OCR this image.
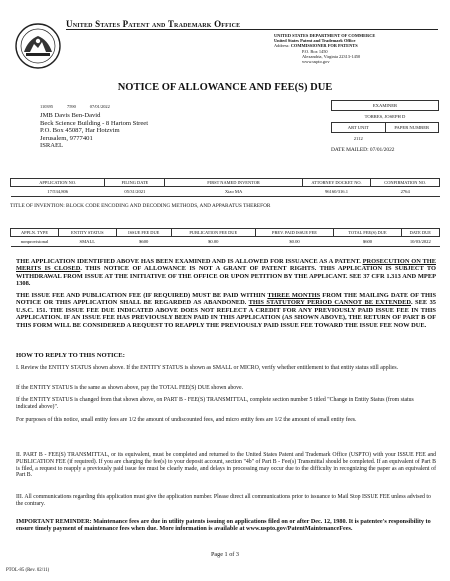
United States Patent and Trademark Office
UNITED STATES DEPARTMENT OF COMMERCE
United States Patent and Trademark Office
Address: COMMISSIONER FOR PATENTS
P.O. Box 1450
Alexandria, Virginia 22313-1450
www.uspto.gov
NOTICE OF ALLOWANCE AND FEE(S) DUE
110395	7590	07/01/2022
JMB Davis Ben-David
Beck Science Building - 8 Hartom Street
P.O. Box 45087, Har Hotzvim
Jerusalem, 9777401
ISRAEL
EXAMINER	
TORRES, JOSEPH D	
ART UNIT	PAPER NUMBER
2112	
DATE MAILED: 07/01/2022
APPLICATION NO.	FILING DATE	FIRST NAMED INVENTOR	ATTORNEY DOCKET NO.	CONFIRMATION NO.
17/534,806	05/31/2021	Xiao MA	96160/316.1	2764
TITLE OF INVENTION: BLOCK CODE ENCODING AND DECODING METHODS, AND APPARATUS THEREFOR
APPLN. TYPE	ENTITY STATUS	ISSUE FEE DUE	PUBLICATION FEE DUE	PREV. PAID ISSUE FEE	TOTAL FEE(S) DUE	DATE DUE
nonprovisional	SMALL	$600	$0.00	$0.00	$600	10/03/2022
THE APPLICATION IDENTIFIED ABOVE HAS BEEN EXAMINED AND IS ALLOWED FOR ISSUANCE AS A PATENT. PROSECUTION ON THE MERITS IS CLOSED. THIS NOTICE OF ALLOWANCE IS NOT A GRANT OF PATENT RIGHTS. THIS APPLICATION IS SUBJECT TO WITHDRAWAL FROM ISSUE AT THE INITIATIVE OF THE OFFICE OR UPON PETITION BY THE APPLICANT. SEE 37 CFR 1.313 AND MPEP 1308.
THE ISSUE FEE AND PUBLICATION FEE (IF REQUIRED) MUST BE PAID WITHIN THREE MONTHS FROM THE MAILING DATE OF THIS NOTICE OR THIS APPLICATION SHALL BE REGARDED AS ABANDONED. THIS STATUTORY PERIOD CANNOT BE EXTENDED. SEE 35 U.S.C. 151. THE ISSUE FEE DUE INDICATED ABOVE DOES NOT REFLECT A CREDIT FOR ANY PREVIOUSLY PAID ISSUE FEE IN THIS APPLICATION. IF AN ISSUE FEE HAS PREVIOUSLY BEEN PAID IN THIS APPLICATION (AS SHOWN ABOVE), THE RETURN OF PART B OF THIS FORM WILL BE CONSIDERED A REQUEST TO REAPPLY THE PREVIOUSLY PAID ISSUE FEE TOWARD THE ISSUE FEE NOW DUE.
HOW TO REPLY TO THIS NOTICE:
I. Review the ENTITY STATUS shown above. If the ENTITY STATUS is shown as SMALL or MICRO, verify whether entitlement to that entity status still applies.
If the ENTITY STATUS is the same as shown above, pay the TOTAL FEE(S) DUE shown above.
If the ENTITY STATUS is changed from that shown above, on PART B - FEE(S) TRANSMITTAL, complete section number 5 titled "Change in Entity Status (from status indicated above)".
For purposes of this notice, small entity fees are 1/2 the amount of undiscounted fees, and micro entity fees are 1/2 the amount of small entity fees.
II. PART B - FEE(S) TRANSMITTAL, or its equivalent, must be completed and returned to the United States Patent and Trademark Office (USPTO) with your ISSUE FEE and PUBLICATION FEE (if required). If you are charging the fee(s) to your deposit account, section "4b" of Part B - Fee(s) Transmittal should be completed. If an equivalent of Part B is filed, a request to reapply a previously paid issue fee must be clearly made, and delays in processing may occur due to the difficulty in recognizing the paper as an equivalent of Part B.
III. All communications regarding this application must give the application number. Please direct all communications prior to issuance to Mail Stop ISSUE FEE unless advised to the contrary.
IMPORTANT REMINDER: Maintenance fees are due in utility patents issuing on applications filed on or after Dec. 12, 1980. It is patentee's responsibility to ensure timely payment of maintenance fees when due. More information is available at www.uspto.gov/PatentMaintenanceFees.
Page 1 of 3
PTOL-85 (Rev. 02/11)
